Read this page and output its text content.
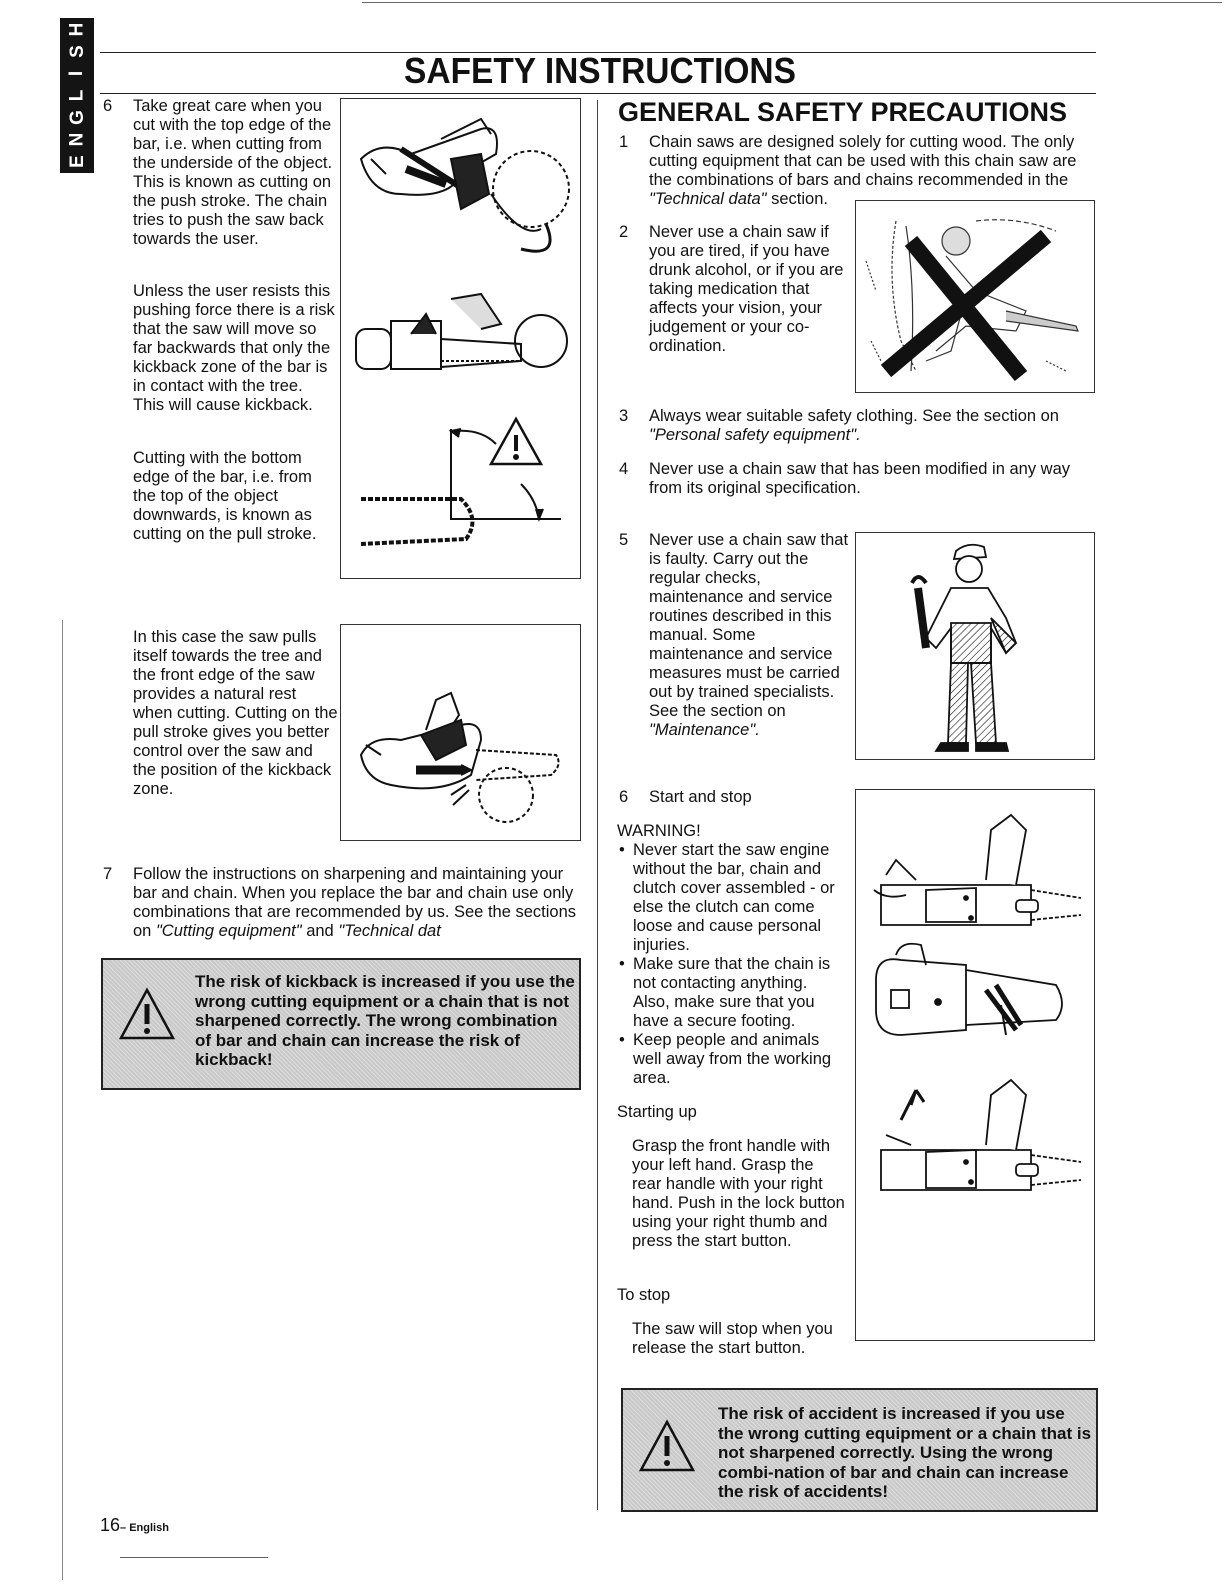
E
N
G
L
I
S
H
SAFETY INSTRUCTIONS
6 Take great care when you cut with the top edge of the bar, i.e. when cutting from the underside of the object. This is known as cutting on the push stroke. The chain tries to push the saw back towards the user.
Unless the user resists this pushing force there is a risk that the saw will move so far backwards that only the kickback zone of the bar is in contact with the tree. This will cause kickback.
Cutting with the bottom edge of the bar, i.e. from the top of the object downwards, is known as cutting on the pull stroke.
In this case the saw pulls itself towards the tree and the front edge of the saw provides a natural rest when cutting. Cutting on the pull stroke gives you better control over the saw and the position of the kickback zone.
7 Follow the instructions on sharpening and maintaining your bar and chain. When you replace the bar and chain use only combinations that are recommended by us. See the sections on "Cutting equipment" and "Technical dat
The risk of kickback is increased if you use the wrong cutting equipment or a chain that is not sharpened correctly. The wrong combination of bar and chain can increase the risk of kickback!
GENERAL SAFETY PRECAUTIONS
1 Chain saws are designed solely for cutting wood. The only cutting equipment that can be used with this chain saw are the combinations of bars and chains recommended in the "Technical data" section.
2 Never use a chain saw if you are tired, if you have drunk alcohol, or if you are taking medication that affects your vision, your judgement or your co-ordination.
3 Always wear suitable safety clothing. See the section on "Personal safety equipment".
4 Never use a chain saw that has been modified in any way from its original specification.
5 Never use a chain saw that is faulty. Carry out the regular checks, maintenance and service routines described in this manual. Some maintenance and service measures must be carried out by trained specialists. See the section on "Maintenance".
6 Start and stop
WARNING!
• Never start the saw engine without the bar, chain and clutch cover assembled - or else the clutch can come loose and cause personal injuries.
• Make sure that the chain is not contacting anything. Also, make sure that you have a secure footing.
• Keep people and animals well away from the working area.
Starting up
Grasp the front handle with your left hand. Grasp the rear handle with your right hand. Push in the lock button using your right thumb and press the start button.
To stop
The saw will stop when you release the start button.
The risk of accident is increased if you use the wrong cutting equipment or a chain that is not sharpened correctly. Using the wrong combi-nation of bar and chain can increase the risk of accidents!
16– English
